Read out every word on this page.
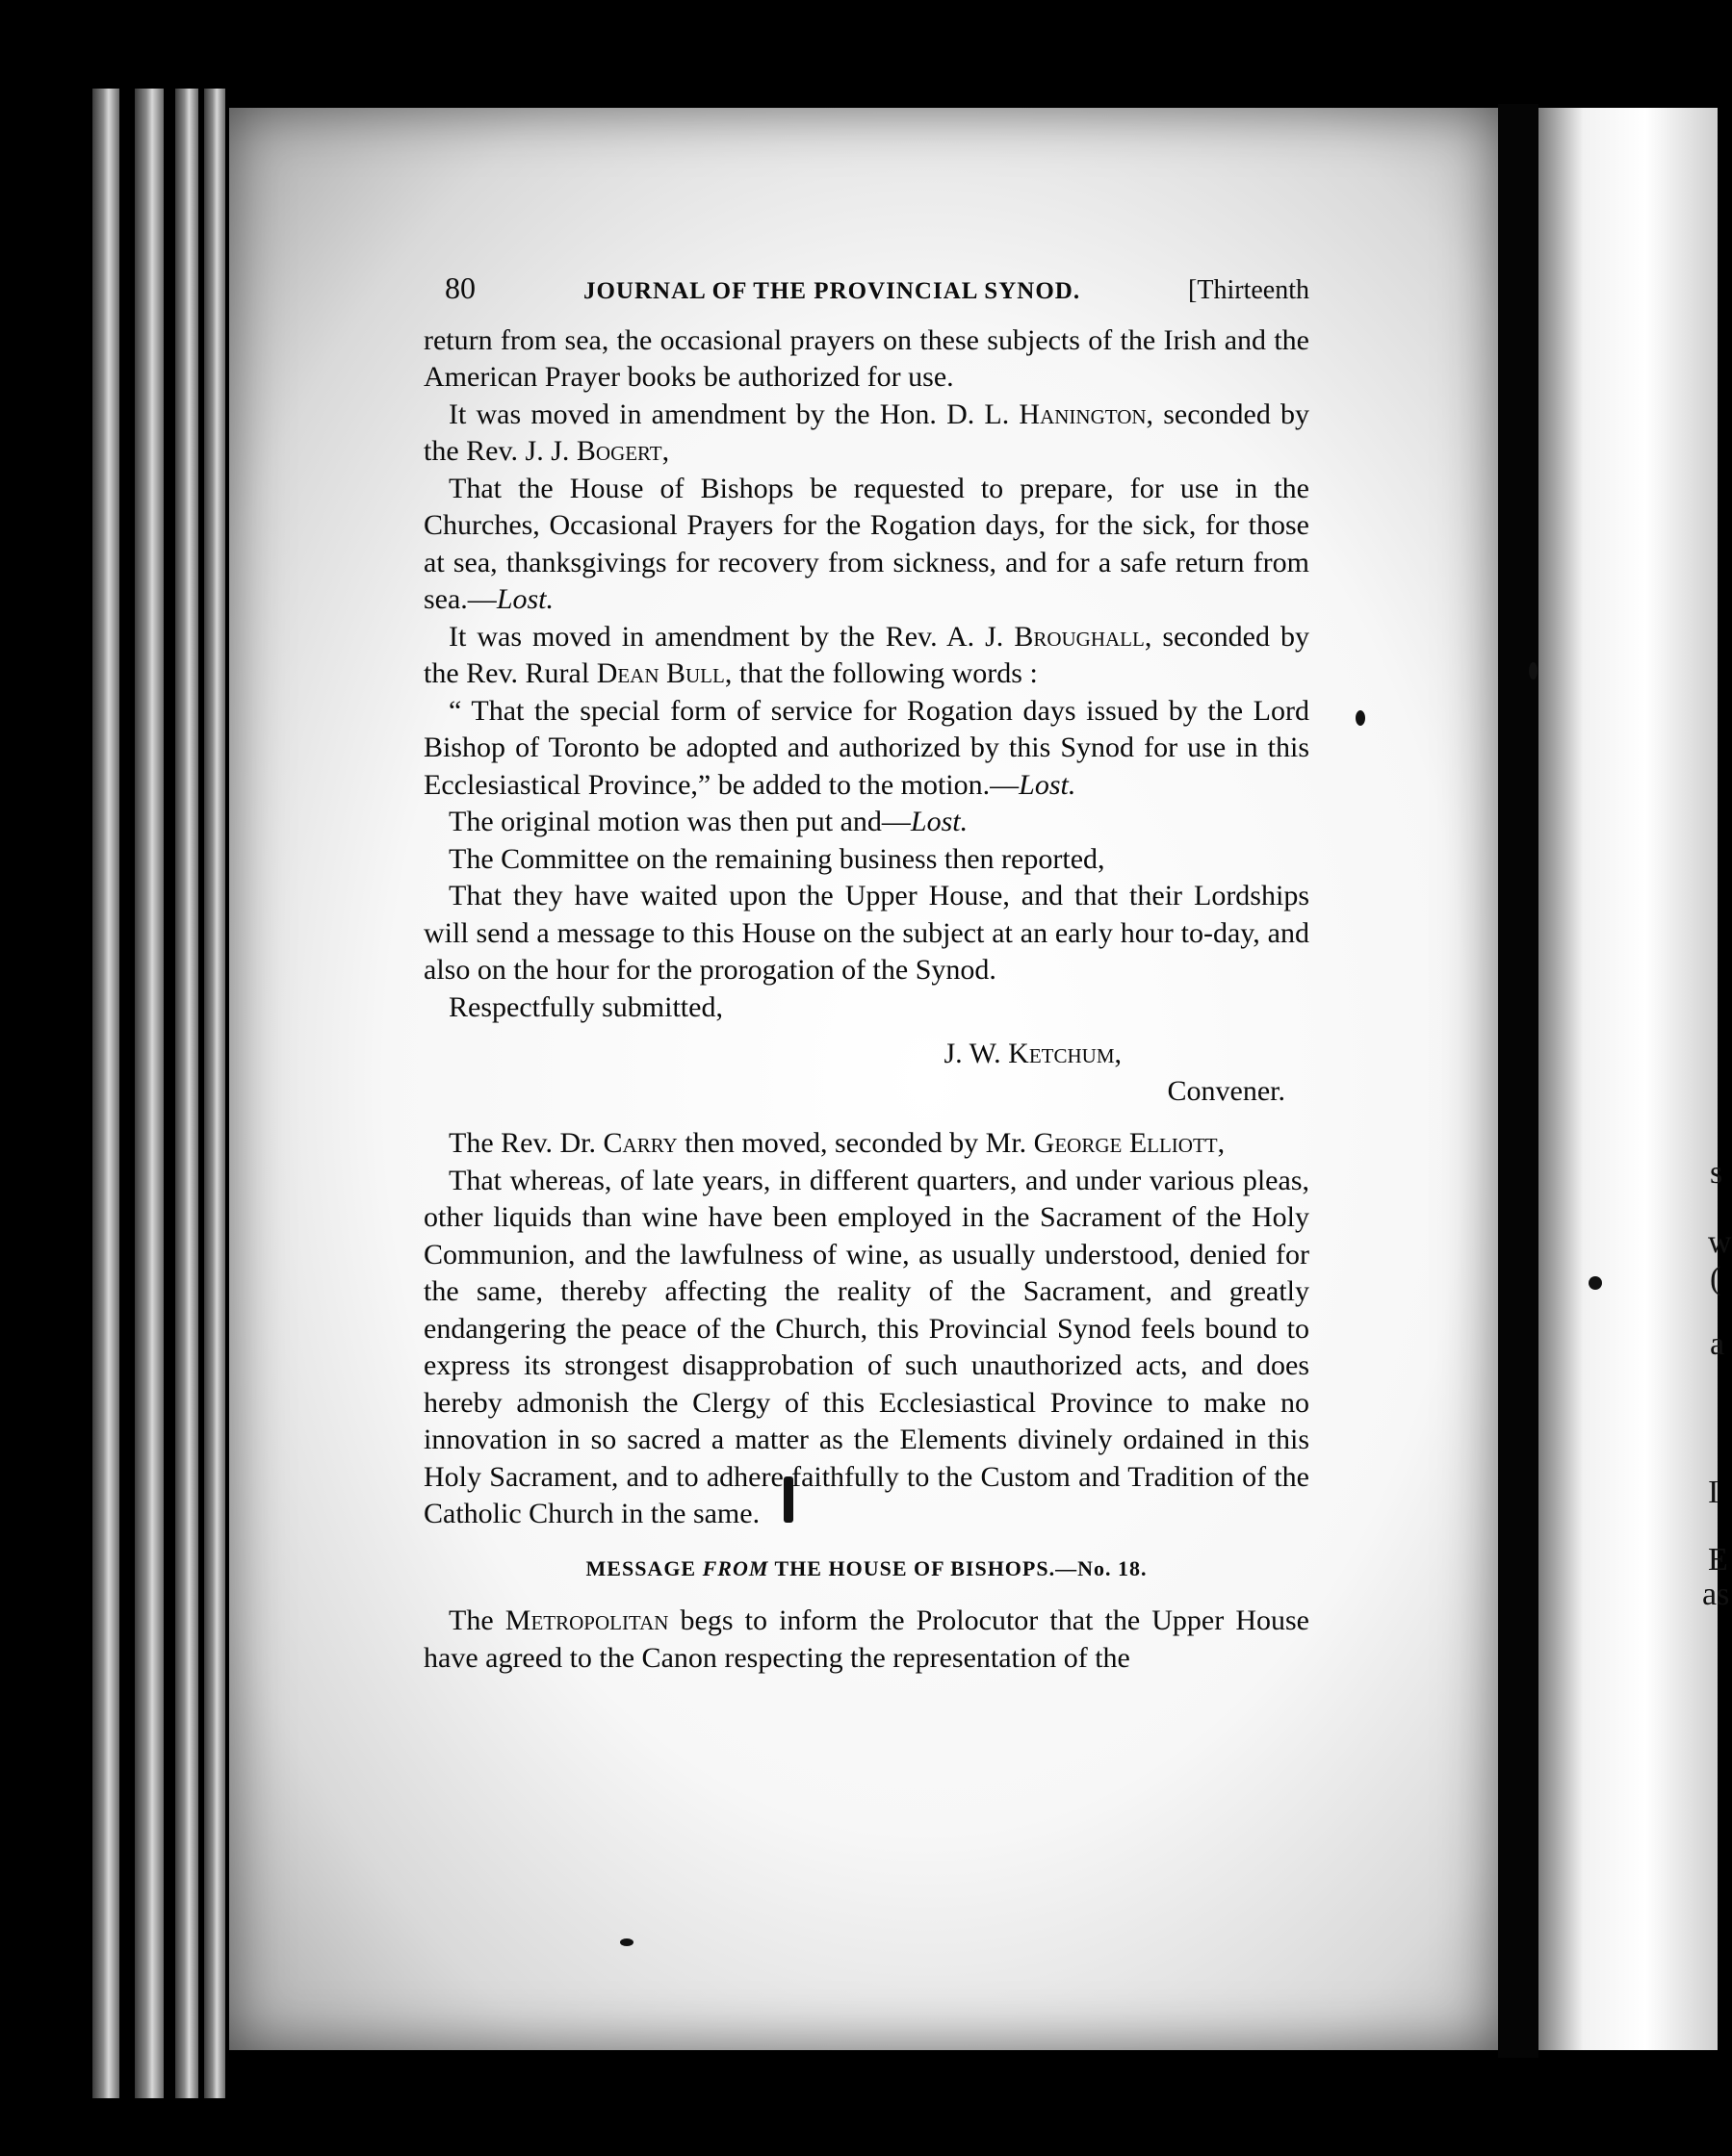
s
w
(
a
I
E
as
80	JOURNAL OF THE PROVINCIAL SYNOD.	[Thirteenth

return from sea, the occasional prayers on these subjects of the Irish and the American Prayer books be authorized for use.

It was moved in amendment by the Hon. D. L. Hanington, seconded by the Rev. J. J. Bogert,

That the House of Bishops be requested to prepare, for use in the Churches, Occasional Prayers for the Rogation days, for the sick, for those at sea, thanksgivings for recovery from sickness, and for a safe return from sea.—Lost.

It was moved in amendment by the Rev. A. J. Broughall, seconded by the Rev. Rural Dean Bull, that the following words :

“ That the special form of service for Rogation days issued by the Lord Bishop of Toronto be adopted and authorized by this Synod for use in this Ecclesiastical Province,” be added to the motion.—Lost.

The original motion was then put and—Lost.

The Committee on the remaining business then reported,

That they have waited upon the Upper House, and that their Lordships will send a message to this House on the subject at an early hour to-day, and also on the hour for the prorogation of the Synod.

Respectfully submitted,

J. W. Ketchum,

Convener.

The Rev. Dr. Carry then moved, seconded by Mr. George Elliott,

That whereas, of late years, in different quarters, and under various pleas, other liquids than wine have been employed in the Sacrament of the Holy Communion, and the lawfulness of wine, as usually understood, denied for the same, thereby affecting the reality of the Sacrament, and greatly endangering the peace of the Church, this Provincial Synod feels bound to express its strongest disapprobation of such unauthorized acts, and does hereby admonish the Clergy of this Ecclesiastical Province to make no innovation in so sacred a matter as the Elements divinely ordained in this Holy Sacrament, and to adhere faithfully to the Custom and Tradition of the Catholic Church in the same.

MESSAGE FROM THE HOUSE OF BISHOPS.—No. 18.

The Metropolitan begs to inform the Prolocutor that the Upper House have agreed to the Canon respecting the representation of the
